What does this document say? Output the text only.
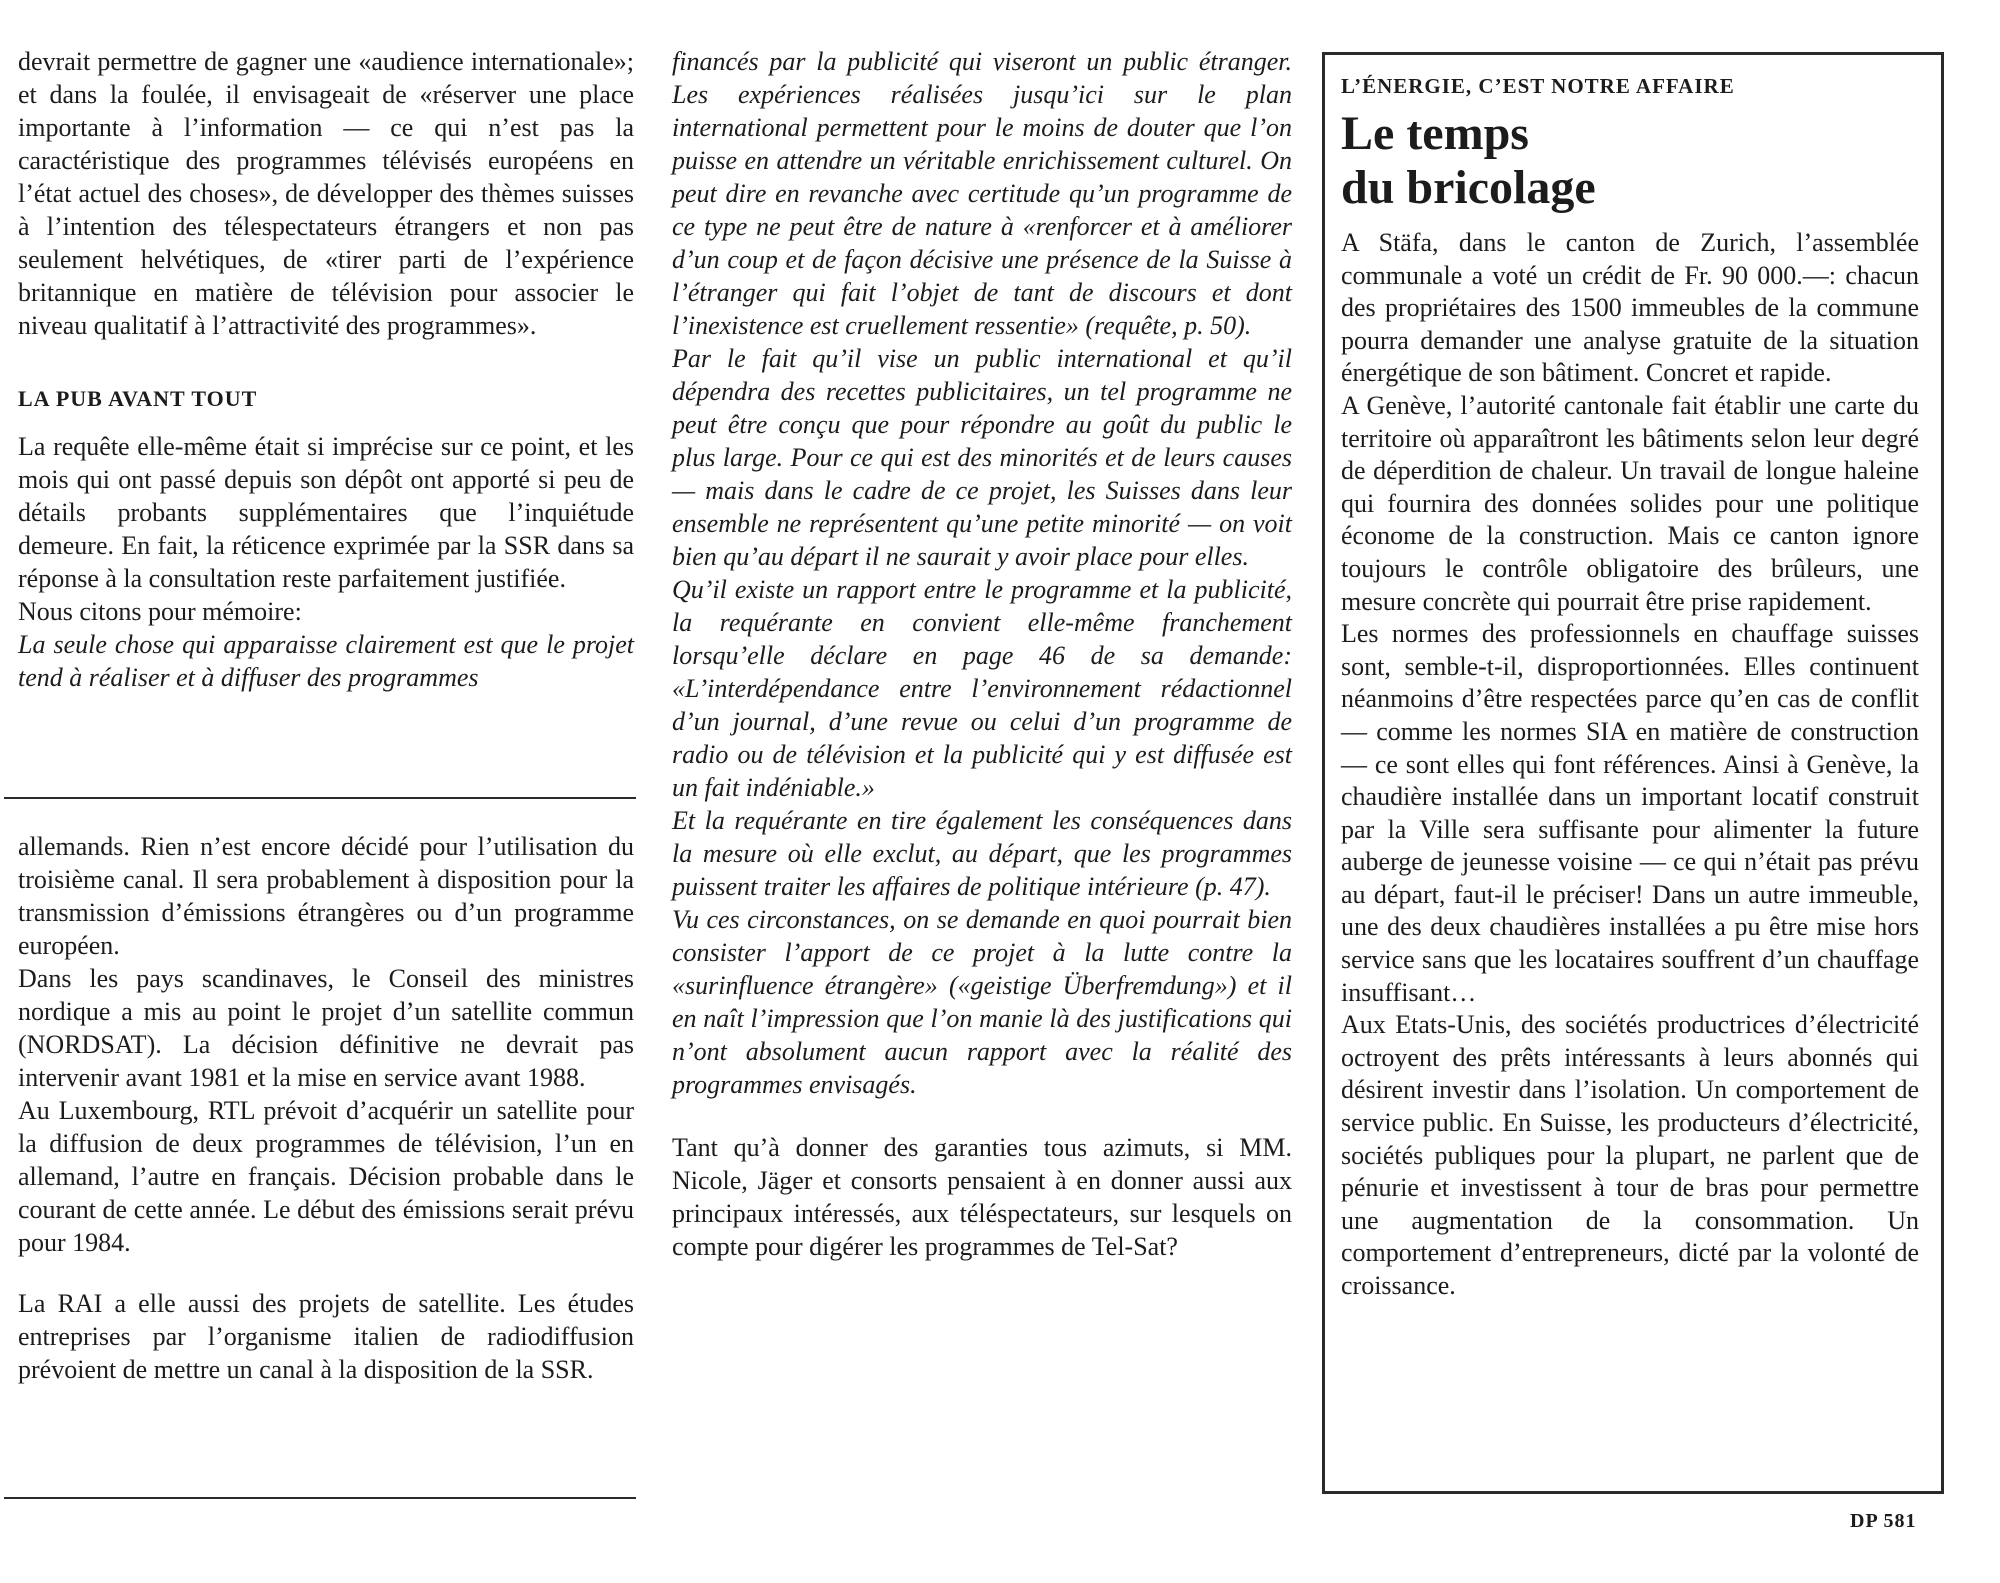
devrait permettre de gagner une «audience internationale»; et dans la foulée, il envisageait de «réserver une place importante à l’information — ce qui n’est pas la caractéristique des programmes télévisés européens en l’état actuel des choses», de développer des thèmes suisses à l’intention des télespectateurs étrangers et non pas seulement helvétiques, de «tirer parti de l’expérience britannique en matière de télévision pour associer le niveau qualitatif à l’attractivité des programmes».

LA PUB AVANT TOUT

La requête elle-même était si imprécise sur ce point, et les mois qui ont passé depuis son dépôt ont apporté si peu de détails probants supplémentaires que l’inquiétude demeure. En fait, la réticence exprimée par la SSR dans sa réponse à la consultation reste parfaitement justifiée.

Nous citons pour mémoire:

La seule chose qui apparaisse clairement est que le projet tend à réaliser et à diffuser des programmes

allemands. Rien n’est encore décidé pour l’utilisation du troisième canal. Il sera probablement à disposition pour la transmission d’émissions étrangères ou d’un programme européen.

Dans les pays scandinaves, le Conseil des ministres nordique a mis au point le projet d’un satellite commun (NORDSAT). La décision définitive ne devrait pas intervenir avant 1981 et la mise en service avant 1988.

Au Luxembourg, RTL prévoit d’acquérir un satellite pour la diffusion de deux programmes de télévision, l’un en allemand, l’autre en français. Décision probable dans le courant de cette année. Le début des émissions serait prévu pour 1984.

La RAI a elle aussi des projets de satellite. Les études entreprises par l’organisme italien de radiodiffusion prévoient de mettre un canal à la disposition de la SSR.

financés par la publicité qui viseront un public étranger. Les expériences réalisées jusqu’ici sur le plan international permettent pour le moins de douter que l’on puisse en attendre un véritable enrichissement culturel. On peut dire en revanche avec certitude qu’un programme de ce type ne peut être de nature à «renforcer et à améliorer d’un coup et de façon décisive une présence de la Suisse à l’étranger qui fait l’objet de tant de discours et dont l’inexistence est cruellement ressentie» (requête, p. 50).

Par le fait qu’il vise un public international et qu’il dépendra des recettes publicitaires, un tel programme ne peut être conçu que pour répondre au goût du public le plus large. Pour ce qui est des minorités et de leurs causes — mais dans le cadre de ce projet, les Suisses dans leur ensemble ne représentent qu’une petite minorité — on voit bien qu’au départ il ne saurait y avoir place pour elles.

Qu’il existe un rapport entre le programme et la publicité, la requérante en convient elle-même franchement lorsqu’elle déclare en page 46 de sa demande: «L’interdépendance entre l’environnement rédactionnel d’un journal, d’une revue ou celui d’un programme de radio ou de télévision et la publicité qui y est diffusée est un fait indéniable.»

Et la requérante en tire également les conséquences dans la mesure où elle exclut, au départ, que les programmes puissent traiter les affaires de politique intérieure (p. 47).

Vu ces circonstances, on se demande en quoi pourrait bien consister l’apport de ce projet à la lutte contre la «surinfluence étrangère» («geistige Überfremdung») et il en naît l’impression que l’on manie là des justifications qui n’ont absolument aucun rapport avec la réalité des programmes envisagés.

Tant qu’à donner des garanties tous azimuts, si MM. Nicole, Jäger et consorts pensaient à en donner aussi aux principaux intéressés, aux téléspectateurs, sur lesquels on compte pour digérer les programmes de Tel-Sat?

L’ÉNERGIE, C’EST NOTRE AFFAIRE
Le temps
du bricolage

A Stäfa, dans le canton de Zurich, l’assemblée communale a voté un crédit de Fr. 90 000.—: chacun des propriétaires des 1500 immeubles de la commune pourra demander une analyse gratuite de la situation énergétique de son bâtiment. Concret et rapide.

A Genève, l’autorité cantonale fait établir une carte du territoire où apparaîtront les bâtiments selon leur degré de déperdition de chaleur. Un travail de longue haleine qui fournira des données solides pour une politique économe de la construction. Mais ce canton ignore toujours le contrôle obligatoire des brûleurs, une mesure concrète qui pourrait être prise rapidement.

Les normes des professionnels en chauffage suisses sont, semble-t-il, disproportionnées. Elles continuent néanmoins d’être respectées parce qu’en cas de conflit — comme les normes SIA en matière de construction — ce sont elles qui font références. Ainsi à Genève, la chaudière installée dans un important locatif construit par la Ville sera suffisante pour alimenter la future auberge de jeunesse voisine — ce qui n’était pas prévu au départ, faut-il le préciser! Dans un autre immeuble, une des deux chaudières installées a pu être mise hors service sans que les locataires souffrent d’un chauffage insuffisant…

Aux Etats-Unis, des sociétés productrices d’électricité octroyent des prêts intéressants à leurs abonnés qui désirent investir dans l’isolation. Un comportement de service public. En Suisse, les producteurs d’électricité, sociétés publiques pour la plupart, ne parlent que de pénurie et investissent à tour de bras pour permettre une augmentation de la consommation. Un comportement d’entrepreneurs, dicté par la volonté de croissance.

DP 581
